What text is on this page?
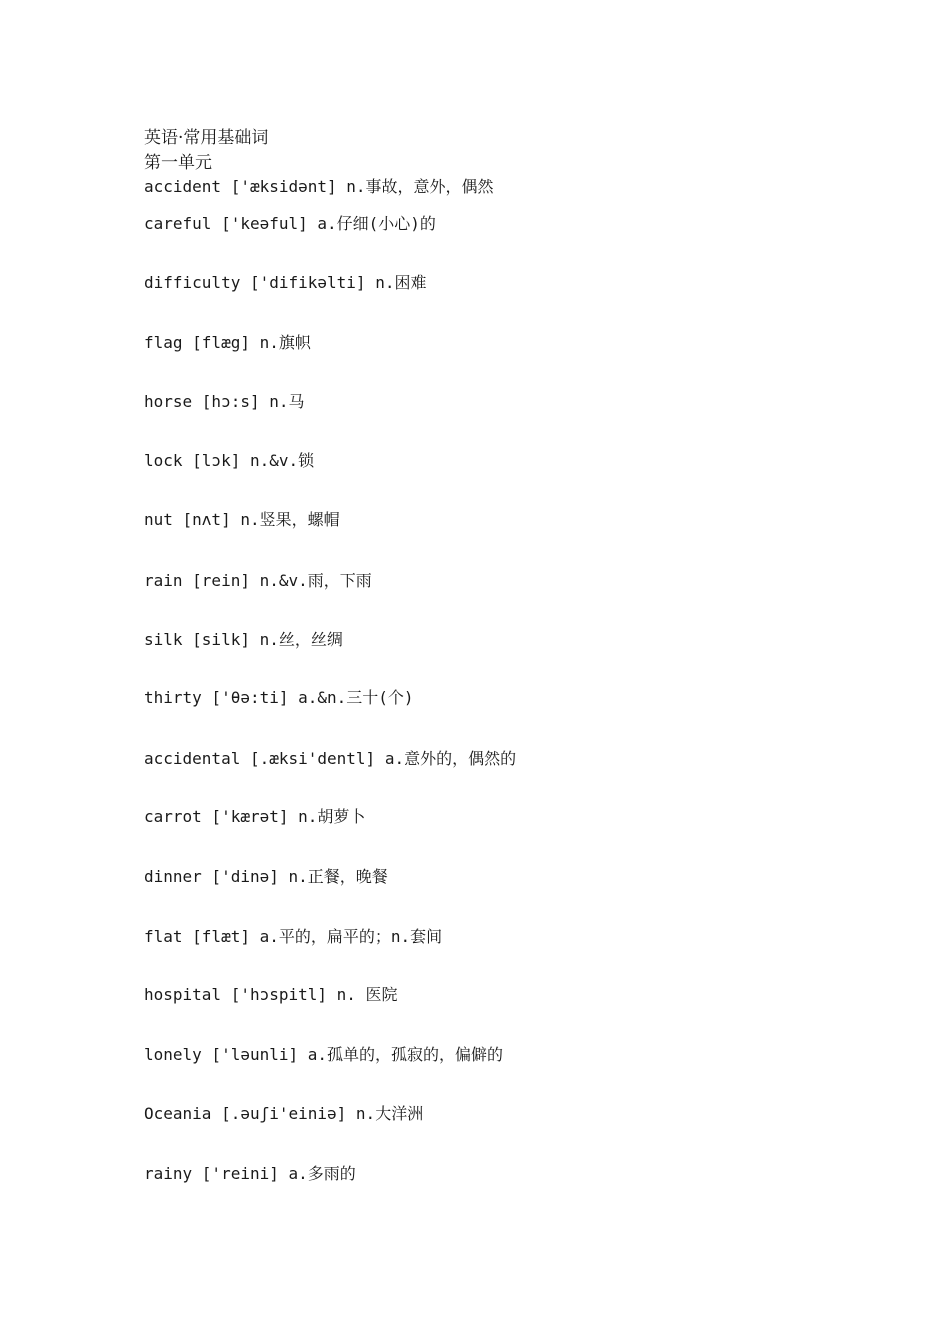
英语·常用基础词
第一单元
accident ['æksidənt] n.事故，意外，偶然
careful ['keəful] a.仔细(小心)的
difficulty ['difikəlti] n.困难
flag [flæg] n.旗帜
horse [hɔ:s] n.马
lock [lɔk] n.&v.锁
nut [nʌt] n.竖果，螺帽
rain [rein] n.&v.雨，下雨
silk [silk] n.丝，丝绸
thirty ['θə:ti] a.&n.三十(个)
accidental [.æksi'dentl] a.意外的，偶然的
carrot ['kærət] n.胡萝卜
dinner ['dinə] n.正餐，晚餐
flat [flæt] a.平的，扁平的；n.套间
hospital ['hɔspitl] n. 医院
lonely ['ləunli] a.孤单的，孤寂的，偏僻的
Oceania [.əuʃi'einiə] n.大洋洲
rainy ['reini] a.多雨的
